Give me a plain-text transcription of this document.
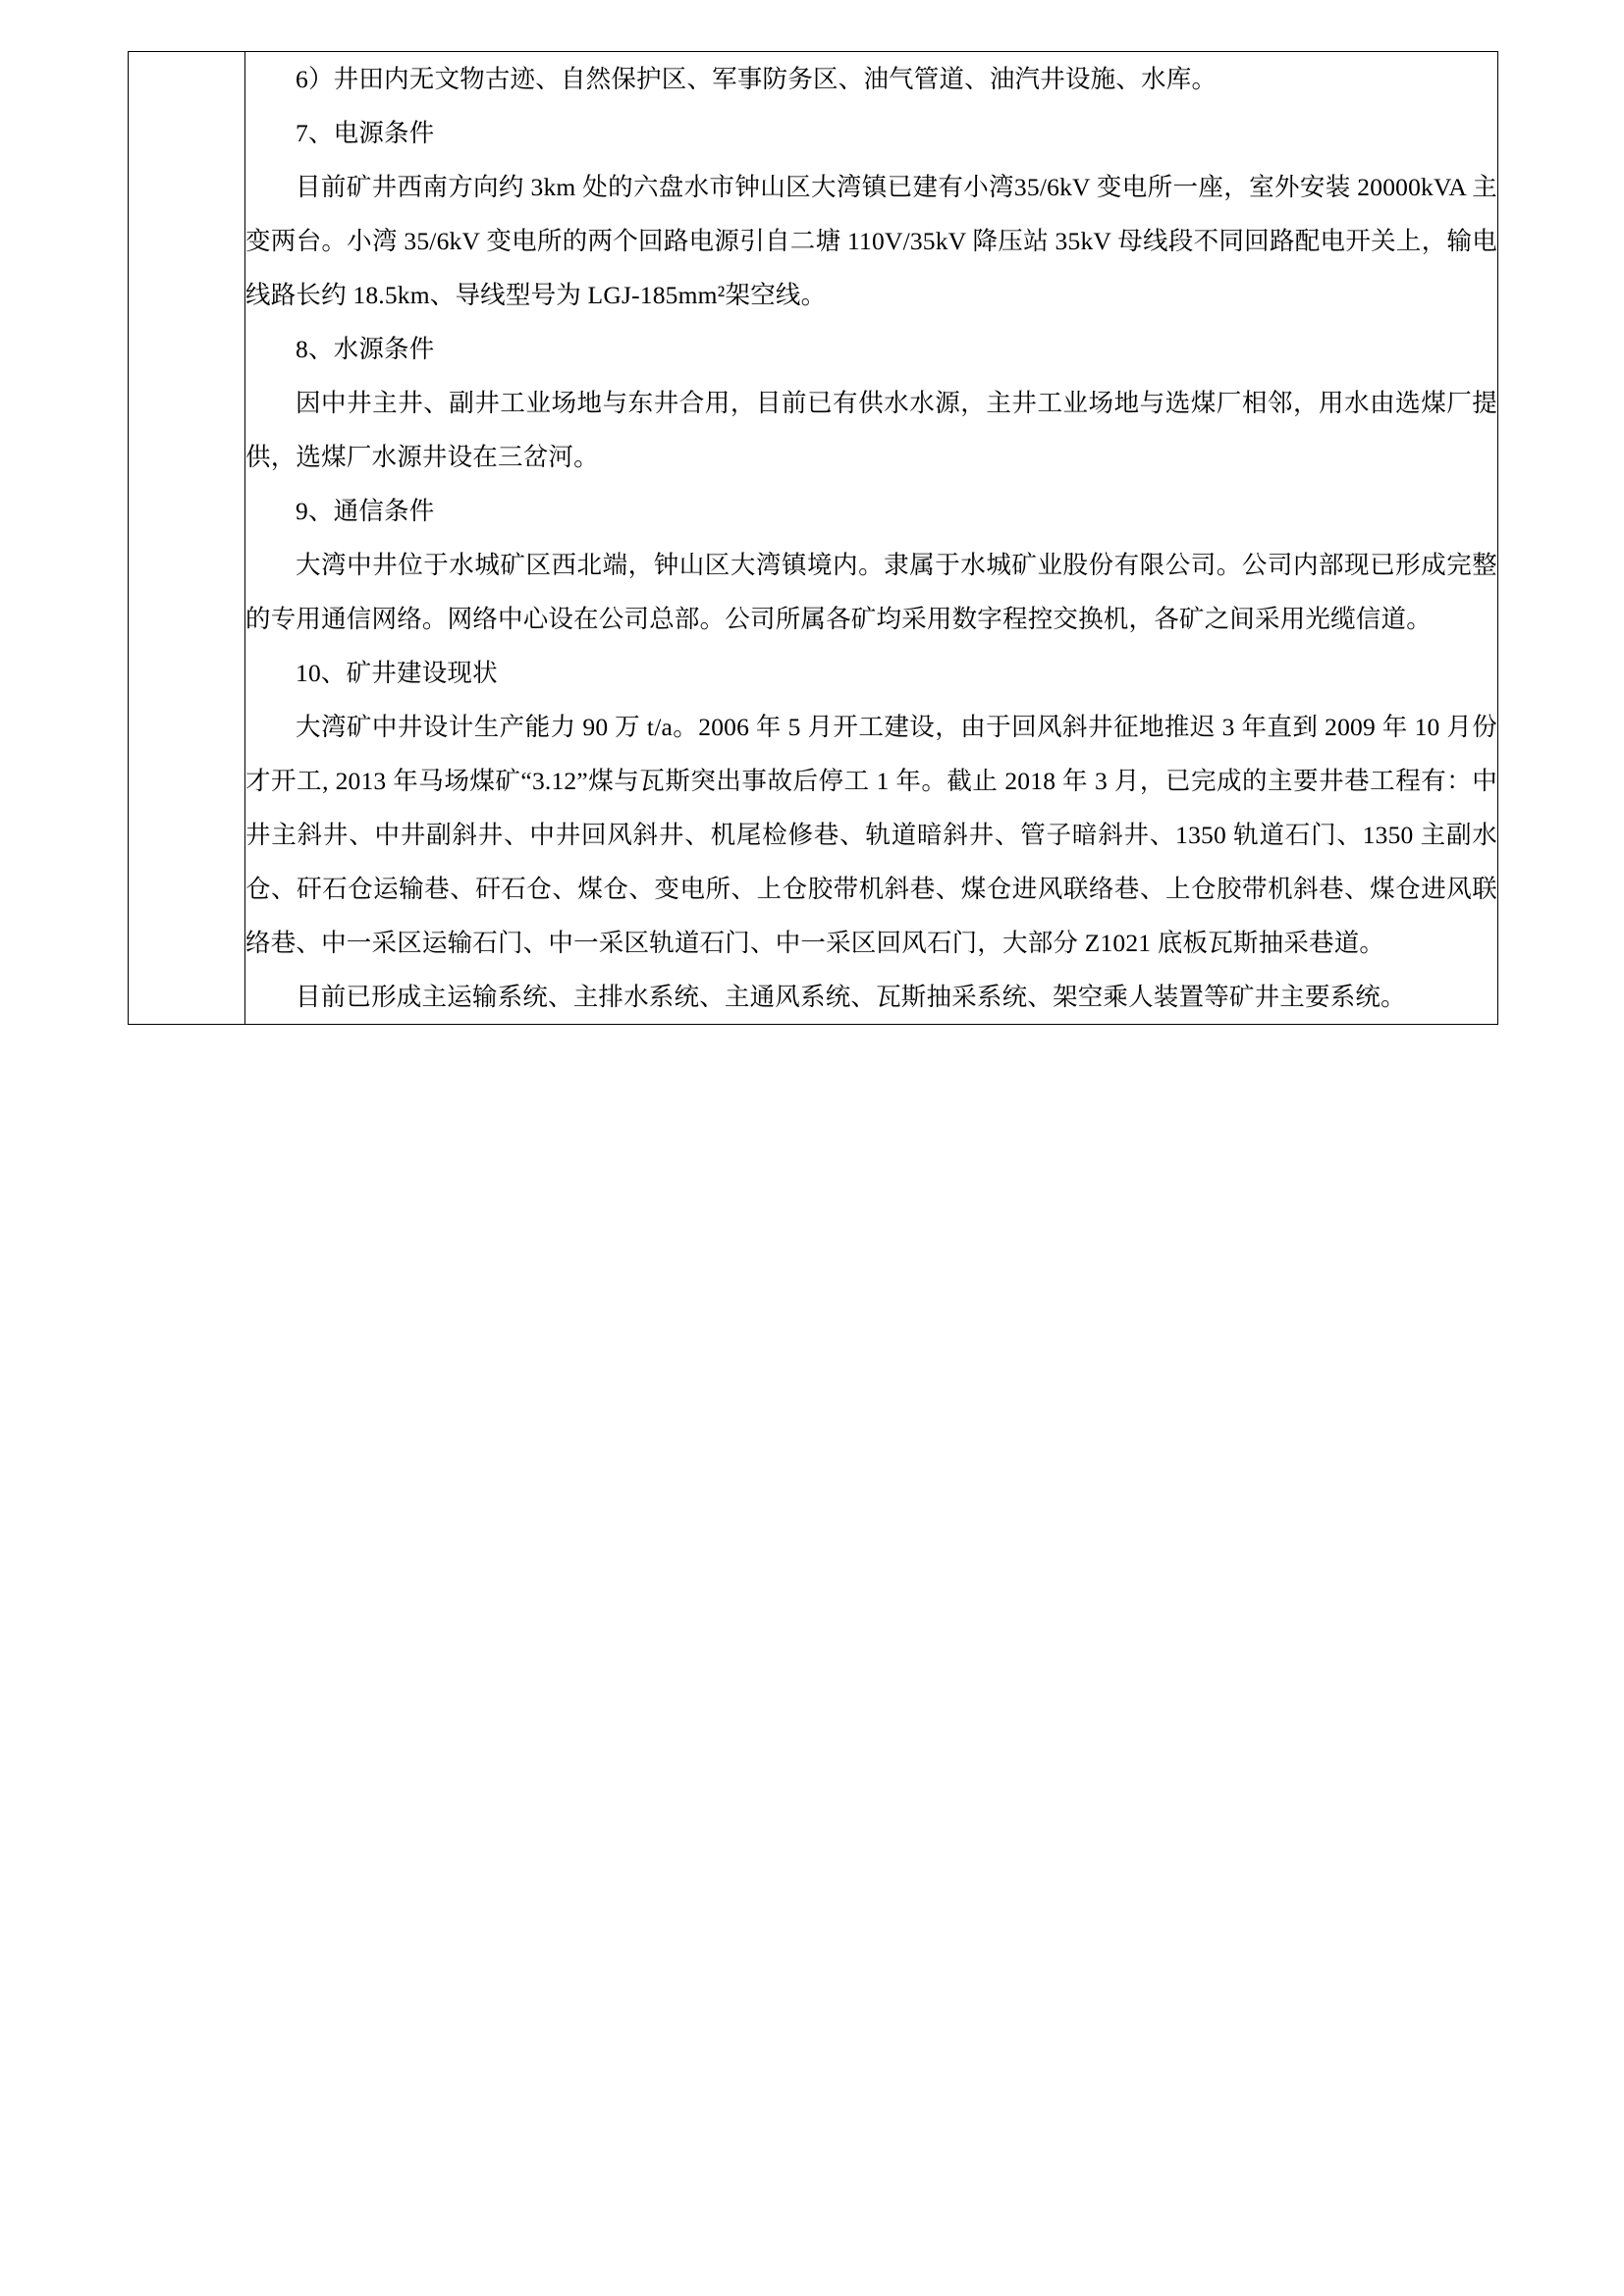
6）井田内无文物古迹、自然保护区、军事防务区、油气管道、油汽井设施、水库。

7、电源条件

目前矿井西南方向约 3km 处的六盘水市钟山区大湾镇已建有小湾35/6kV 变电所一座，室外安装 20000kVA 主变两台。小湾 35/6kV 变电所的两个回路电源引自二塘 110V/35kV 降压站 35kV 母线段不同回路配电开关上，输电线路长约 18.5km、导线型号为 LGJ-185mm²架空线。

8、水源条件

因中井主井、副井工业场地与东井合用，目前已有供水水源，主井工业场地与选煤厂相邻，用水由选煤厂提供，选煤厂水源井设在三岔河。

9、通信条件

大湾中井位于水城矿区西北端，钟山区大湾镇境内。隶属于水城矿业股份有限公司。公司内部现已形成完整的专用通信网络。网络中心设在公司总部。公司所属各矿均采用数字程控交换机，各矿之间采用光缆信道。

10、矿井建设现状

大湾矿中井设计生产能力 90 万 t/a。2006 年 5 月开工建设，由于回风斜井征地推迟 3 年直到 2009 年 10 月份才开工, 2013 年马场煤矿“3.12”煤与瓦斯突出事故后停工 1 年。截止 2018 年 3 月，已完成的主要井巷工程有：中井主斜井、中井副斜井、中井回风斜井、机尾检修巷、轨道暗斜井、管子暗斜井、1350 轨道石门、1350 主副水仓、矸石仓运输巷、矸石仓、煤仓、变电所、上仓胶带机斜巷、煤仓进风联络巷、上仓胶带机斜巷、煤仓进风联络巷、中一采区运输石门、中一采区轨道石门、中一采区回风石门，大部分 Z1021 底板瓦斯抽采巷道。

目前已形成主运输系统、主排水系统、主通风系统、瓦斯抽采系统、架空乘人装置等矿井主要系统。
